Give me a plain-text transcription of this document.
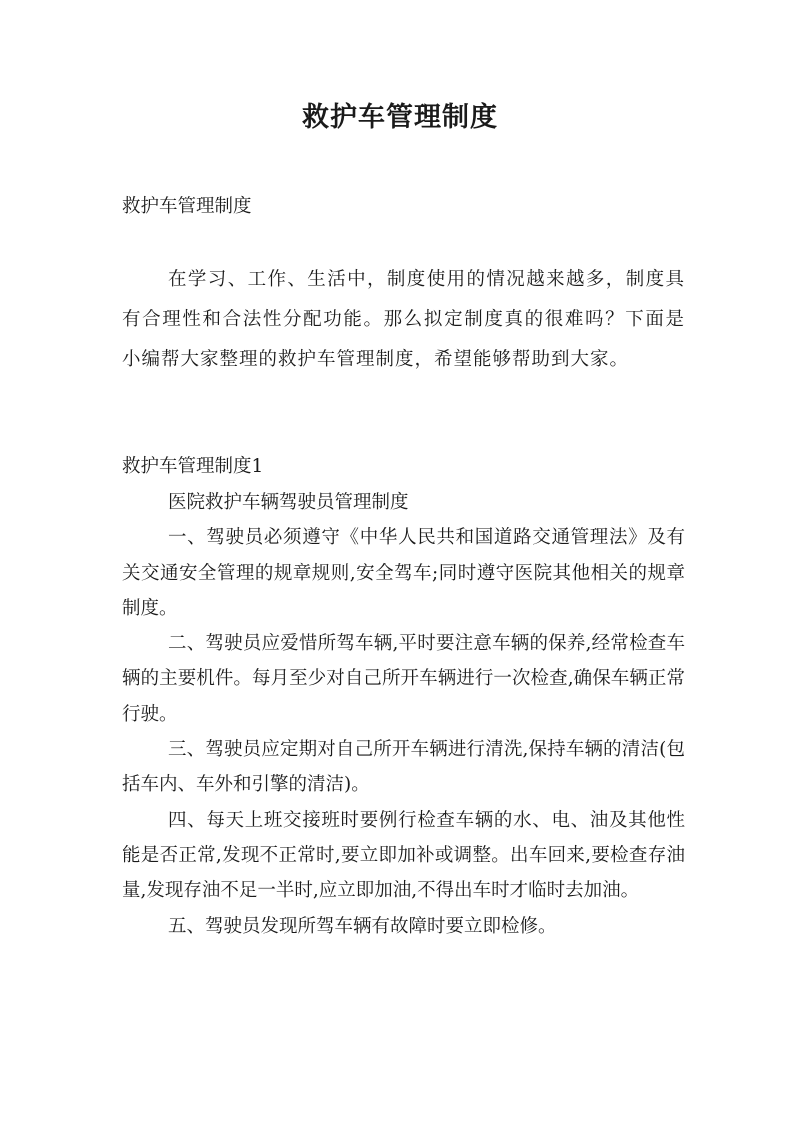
救护车管理制度
救护车管理制度

在学习、工作、生活中，制度使用的情况越来越多，制度具有合理性和合法性分配功能。那么拟定制度真的很难吗？下面是小编帮大家整理的救护车管理制度，希望能够帮助到大家。

救护车管理制度1

医院救护车辆驾驶员管理制度

一、驾驶员必须遵守《中华人民共和国道路交通管理法》及有关交通安全管理的规章规则,安全驾车;同时遵守医院其他相关的规章制度。

二、驾驶员应爱惜所驾车辆,平时要注意车辆的保养,经常检查车辆的主要机件。每月至少对自己所开车辆进行一次检查,确保车辆正常行驶。

三、驾驶员应定期对自己所开车辆进行清洗,保持车辆的清洁(包括车内、车外和引擎的清洁)。

四、每天上班交接班时要例行检查车辆的水、电、油及其他性能是否正常,发现不正常时,要立即加补或调整。出车回来,要检查存油量,发现存油不足一半时,应立即加油,不得出车时才临时去加油。

五、驾驶员发现所驾车辆有故障时要立即检修。
